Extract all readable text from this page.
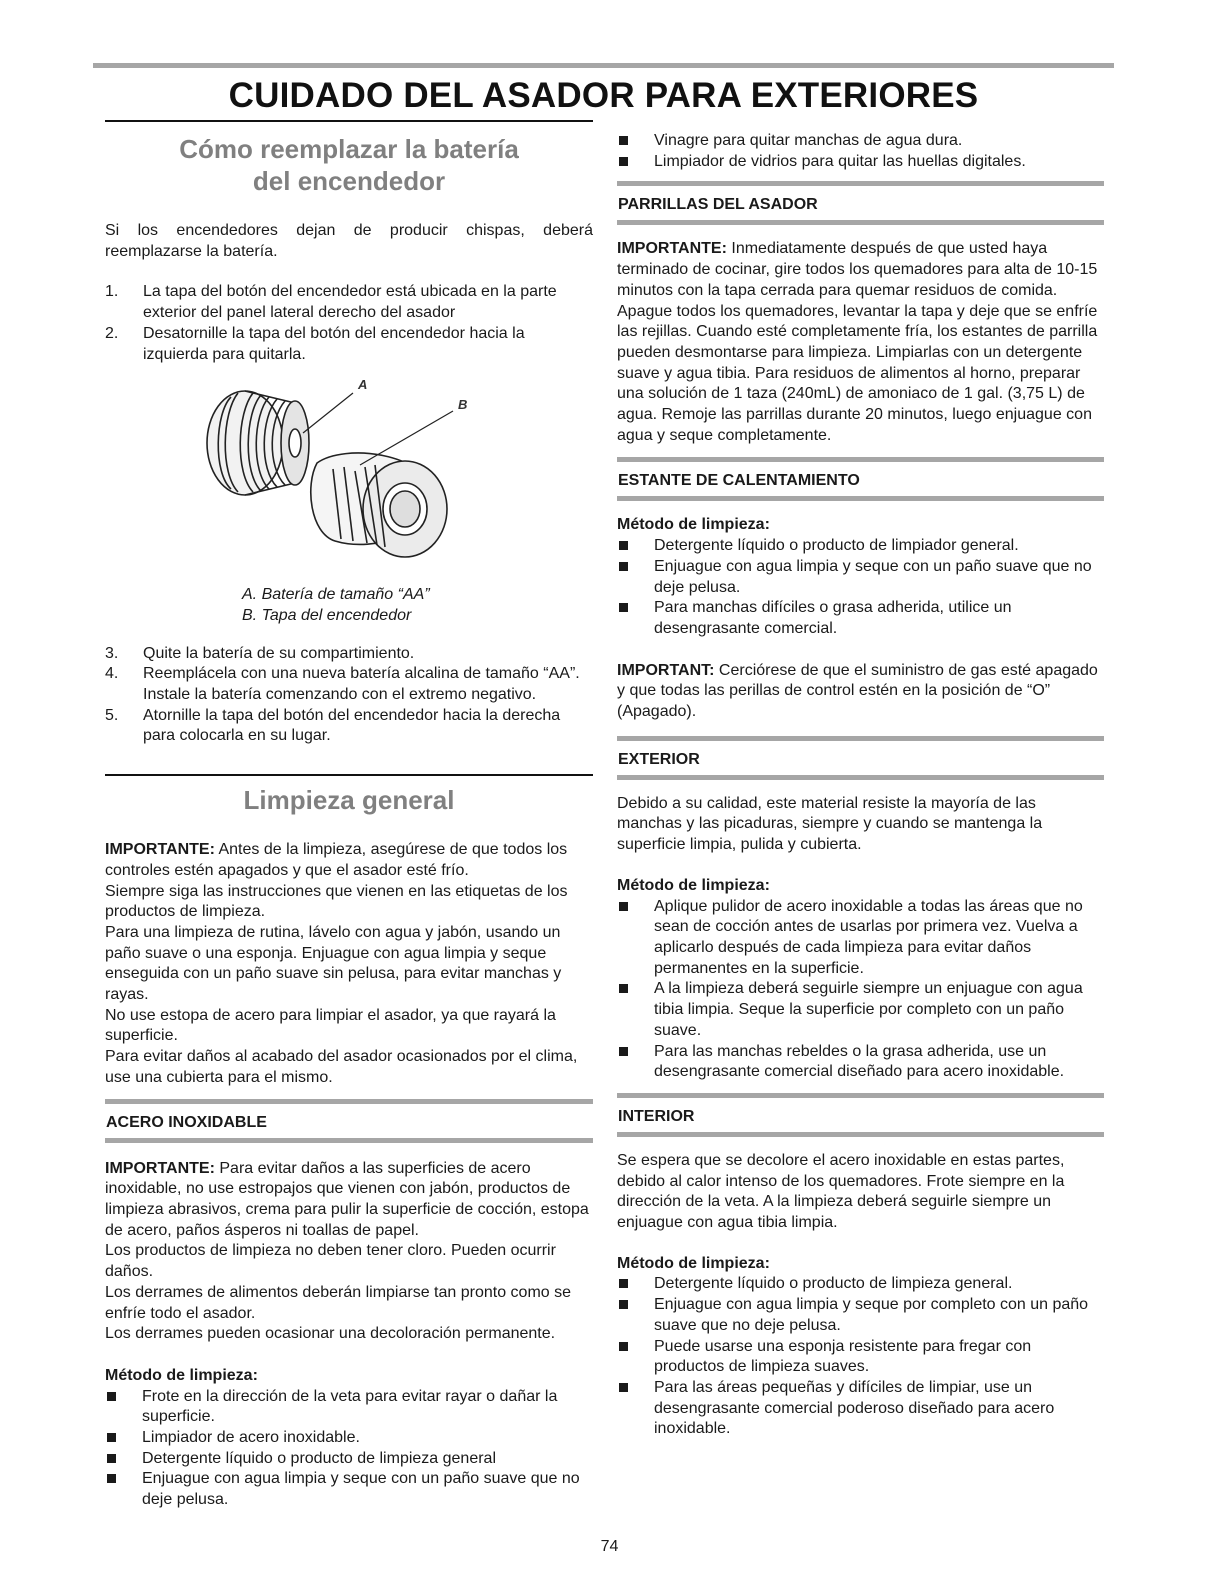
CUIDADO DEL ASADOR PARA EXTERIORES
Cómo reemplazar la batería
del encendedor

Si los encendedores dejan de producir chispas, deberá reemplazarse la batería.

1. La tapa del botón del encendedor está ubicada en la parte exterior del panel lateral derecho del asador
2. Desatornille la tapa del botón del encendedor hacia la izquierda para quitarla.
A
B

A. Batería de tamaño “AA”

B. Tapa del encendedor

3. Quite la batería de su compartimiento.
4. Reemplácela con una nueva batería alcalina de tamaño “AA”. Instale la batería comenzando con el extremo negativo.
5. Atornille la tapa del botón del encendedor hacia la derecha para colocarla en su lugar.
Limpieza general

IMPORTANTE: Antes de la limpieza, asegúrese de que todos los controles estén apagados y que el asador esté frío.

Siempre siga las instrucciones que vienen en las etiquetas de los productos de limpieza.

Para una limpieza de rutina, lávelo con agua y jabón, usando un paño suave o una esponja. Enjuague con agua limpia y seque enseguida con un paño suave sin pelusa, para evitar manchas y rayas.

No use estopa de acero para limpiar el asador, ya que rayará la superficie.

Para evitar daños al acabado del asador ocasionados por el clima, use una cubierta para el mismo.

ACERO INOXIDABLE

IMPORTANTE: Para evitar daños a las superficies de acero inoxidable, no use estropajos que vienen con jabón, productos de limpieza abrasivos, crema para pulir la superficie de cocción, estopa de acero, paños ásperos ni toallas de papel.

Los productos de limpieza no deben tener cloro. Pueden ocurrir daños.

Los derrames de alimentos deberán limpiarse tan pronto como se enfríe todo el asador.

Los derrames pueden ocasionar una decoloración permanente.

Método de limpieza:

Frote en la dirección de la veta para evitar rayar o dañar la superficie.
Limpiador de acero inoxidable.
Detergente líquido o producto de limpieza general
Enjuague con agua limpia y seque con un paño suave que no deje pelusa.
Vinagre para quitar manchas de agua dura.
Limpiador de vidrios para quitar las huellas digitales.
PARRILLAS DEL ASADOR

IMPORTANTE: Inmediatamente después de que usted haya terminado de cocinar, gire todos los quemadores para alta de 10-15 minutos con la tapa cerrada para quemar residuos de comida. Apague todos los quemadores, levantar la tapa y deje que se enfríe las rejillas. Cuando esté completamente fría, los estantes de parrilla pueden desmontarse para limpieza. Limpiarlas con un detergente suave y agua tibia. Para residuos de alimentos al horno, preparar una solución de 1 taza (240mL) de amoniaco de 1 gal. (3,75 L) de agua. Remoje las parrillas durante 20 minutos, luego enjuague con agua y seque completamente.

ESTANTE DE CALENTAMIENTO

Método de limpieza:

Detergente líquido o producto de limpiador general.
Enjuague con agua limpia y seque con un paño suave que no deje pelusa.
Para manchas difíciles o grasa adherida, utilice un desengrasante comercial.

IMPORTANT: Cerciórese de que el suministro de gas esté apagado y que todas las perillas de control estén en la posición de “O” (Apagado).

EXTERIOR

Debido a su calidad, este material resiste la mayoría de las manchas y las picaduras, siempre y cuando se mantenga la superficie limpia, pulida y cubierta.

Método de limpieza:

Aplique pulidor de acero inoxidable a todas las áreas que no sean de cocción antes de usarlas por primera vez. Vuelva a aplicarlo después de cada limpieza para evitar daños permanentes en la superficie.
A la limpieza deberá seguirle siempre un enjuague con agua tibia limpia. Seque la superficie por completo con un paño suave.
Para las manchas rebeldes o la grasa adherida, use un desengrasante comercial diseñado para acero inoxidable.
INTERIOR

Se espera que se decolore el acero inoxidable en estas partes, debido al calor intenso de los quemadores. Frote siempre en la dirección de la veta. A la limpieza deberá seguirle siempre un enjuague con agua tibia limpia.

Método de limpieza:

Detergente líquido o producto de limpieza general.
Enjuague con agua limpia y seque por completo con un paño suave que no deje pelusa.
Puede usarse una esponja resistente para fregar con productos de limpieza suaves.
Para las áreas pequeñas y difíciles de limpiar, use un desengrasante comercial poderoso diseñado para acero inoxidable.
74
